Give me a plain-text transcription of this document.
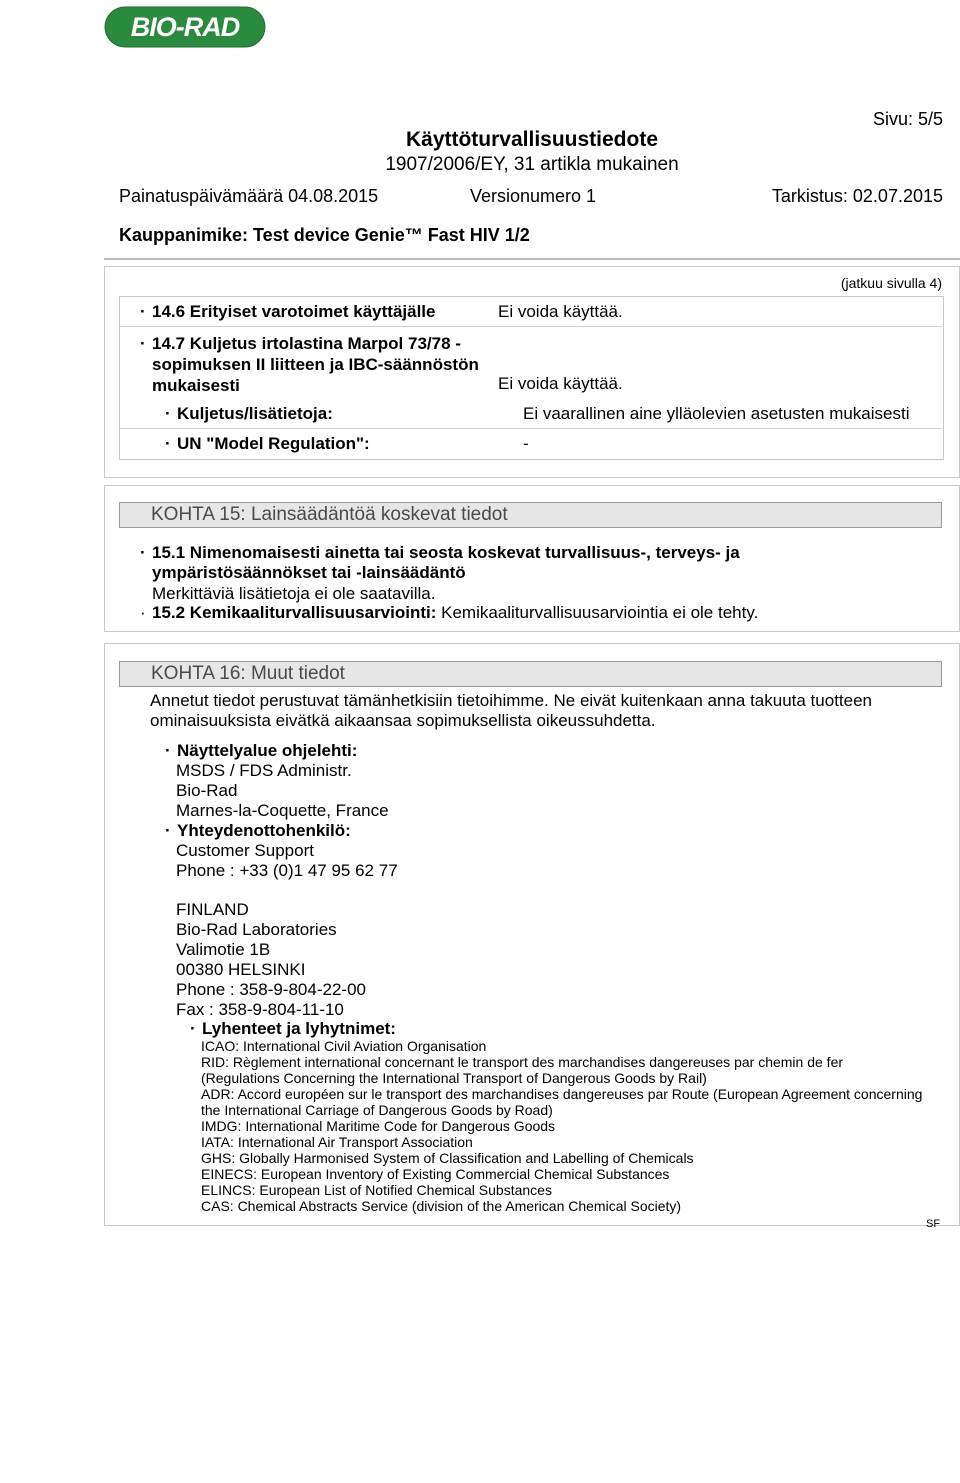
BIO-RAD
Sivu: 5/5
Käyttöturvallisuustiedote
1907/2006/EY, 31 artikla mukainen
Painatuspäivämäärä 04.08.2015	Versionumero 1	Tarkistus: 02.07.2015
Kauppanimike: Test device Genie™ Fast HIV 1/2
(jatkuu sivulla 4)
· 14.6 Erityiset varotoimet käyttäjälle	Ei voida käyttää.
· 14.7 Kuljetus irtolastina Marpol 73/78 -
sopimuksen II liitteen ja IBC-säännöstön
mukaisesti	Ei voida käyttää.
· Kuljetus/lisätietoja:	Ei vaarallinen aine ylläolevien asetusten mukaisesti
· UN "Model Regulation":	-
KOHTA 15: Lainsäädäntöä koskevat tiedot
· 15.1 Nimenomaisesti ainetta tai seosta koskevat turvallisuus-, terveys- ja
ympäristösäännökset tai -lainsäädäntö
Merkittäviä lisätietoja ei ole saatavilla.
· 15.2 Kemikaaliturvallisuusarviointi: Kemikaaliturvallisuusarviointia ei ole tehty.
KOHTA 16: Muut tiedot
Annetut tiedot perustuvat tämänhetkisiin tietoihimme. Ne eivät kuitenkaan anna takuuta tuotteen
ominaisuuksista eivätkä aikaansaa sopimuksellista oikeussuhdetta.
· Näyttelyalue ohjelehti:
MSDS / FDS Administr.
Bio-Rad
Marnes-la-Coquette, France
· Yhteydenottohenkilö:
Customer Support
Phone : +33 (0)1 47 95 62 77
FINLAND
Bio-Rad Laboratories
Valimotie 1B
00380 HELSINKI
Phone : 358-9-804-22-00
Fax : 358-9-804-11-10
· Lyhenteet ja lyhytnimet:
ICAO: International Civil Aviation Organisation
RID: Règlement international concernant le transport des marchandises dangereuses par chemin de fer
(Regulations Concerning the International Transport of Dangerous Goods by Rail)
ADR: Accord européen sur le transport des marchandises dangereuses par Route (European Agreement concerning
the International Carriage of Dangerous Goods by Road)
IMDG: International Maritime Code for Dangerous Goods
IATA: International Air Transport Association
GHS: Globally Harmonised System of Classification and Labelling of Chemicals
EINECS: European Inventory of Existing Commercial Chemical Substances
ELINCS: European List of Notified Chemical Substances
CAS: Chemical Abstracts Service (division of the American Chemical Society)
SF
